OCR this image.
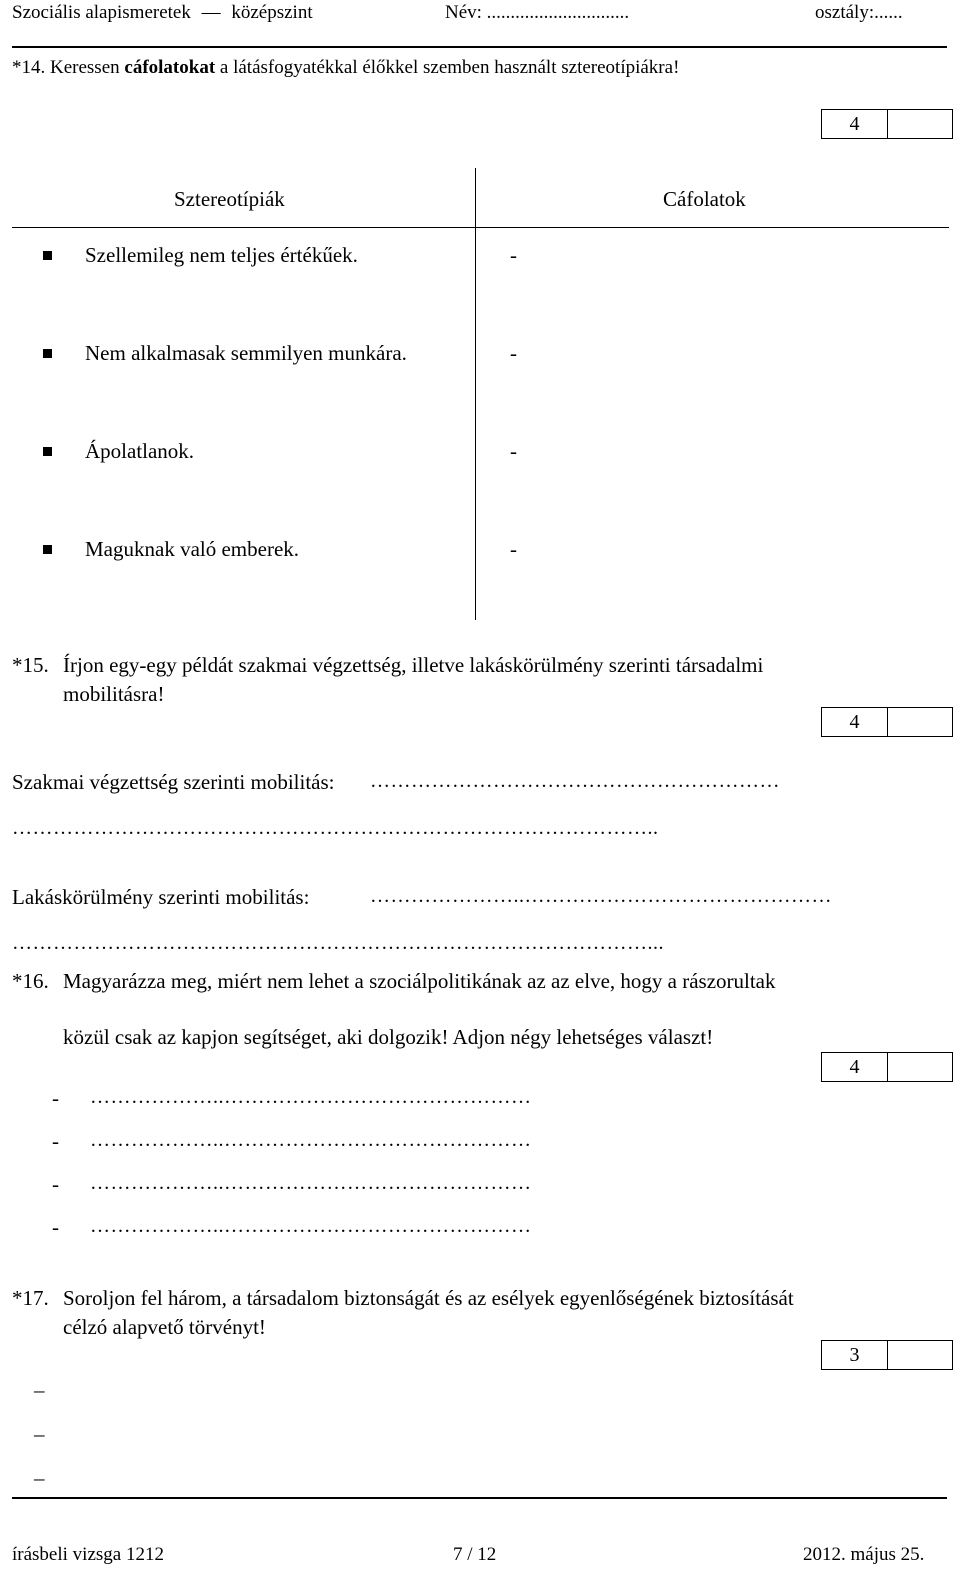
Szociális alapismeretek — középszint	Név: ..............................	osztály:......
*14. Keressen cáfolatokat a látásfogyatékkal élőkkel szemben használt sztereotípiákra!
4
Sztereotípiák	Cáfolatok
Szellemileg nem teljes értékűek.	-
Nem alkalmasak semmilyen munkára.	-
Ápolatlanok.	-
Maguknak való emberek.	-
*15. Írjon egy-egy példát szakmai végzettség, illetve lakáskörülmény szerinti társadalmi
mobilitásra!
4
Szakmai végzettség szerinti mobilitás: ……………………………………………………
…………………………………………………………………………………..
Lakáskörülmény szerinti mobilitás:	…………………..………………………………………
…………………………………………………………………………………...
*16. Magyarázza meg, miért nem lehet a szociálpolitikának az az elve, hogy a rászorultak
közül csak az kapjon segítséget, aki dolgozik! Adjon négy lehetséges választ!
4
- ………………..………………………………………
- ………………..………………………………………
- ………………..………………………………………
- ………………..………………………………………
*17. Soroljon fel három, a társadalom biztonságát és az esélyek egyenlőségének biztosítását
célzó alapvető törvényt!
3
–
–
–
írásbeli vizsga 1212	7 / 12	2012. május 25.
